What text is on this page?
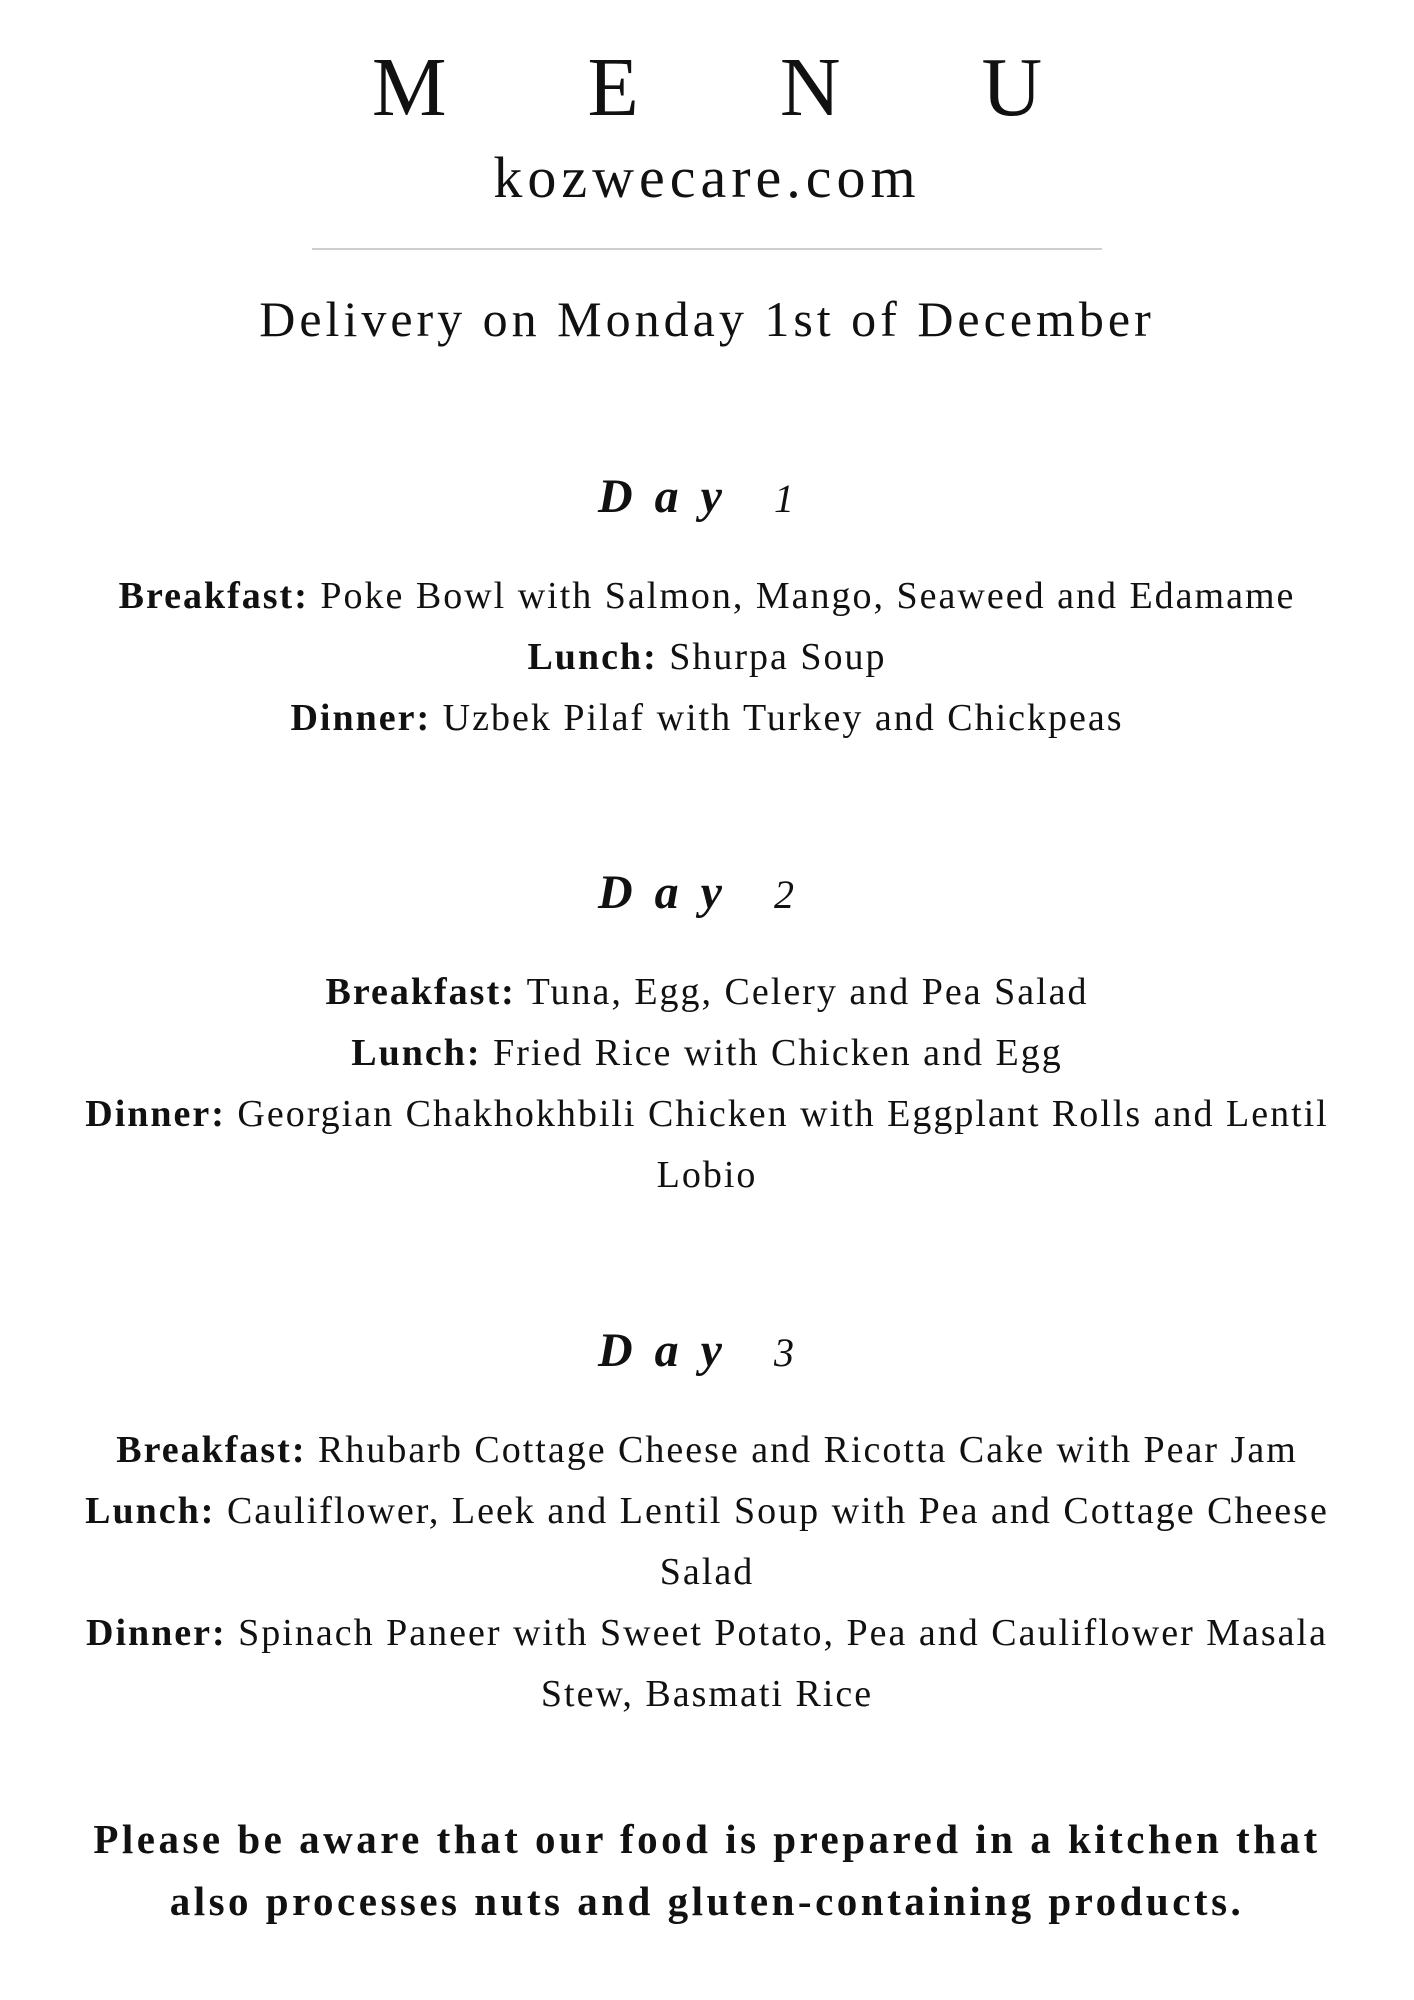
M E N U
kozwecare.com
Delivery on Monday 1st of December
Day 1
Breakfast: Poke Bowl with Salmon, Mango, Seaweed and Edamame
Lunch: Shurpa Soup
Dinner: Uzbek Pilaf with Turkey and Chickpeas
Day 2
Breakfast: Tuna, Egg, Celery and Pea Salad
Lunch: Fried Rice with Chicken and Egg
Dinner: Georgian Chakhokhbili Chicken with Eggplant Rolls and Lentil Lobio
Day 3
Breakfast: Rhubarb Cottage Cheese and Ricotta Cake with Pear Jam
Lunch: Cauliflower, Leek and Lentil Soup with Pea and Cottage Cheese Salad
Dinner: Spinach Paneer with Sweet Potato, Pea and Cauliflower Masala Stew, Basmati Rice
Please be aware that our food is prepared in a kitchen that also processes nuts and gluten-containing products.
